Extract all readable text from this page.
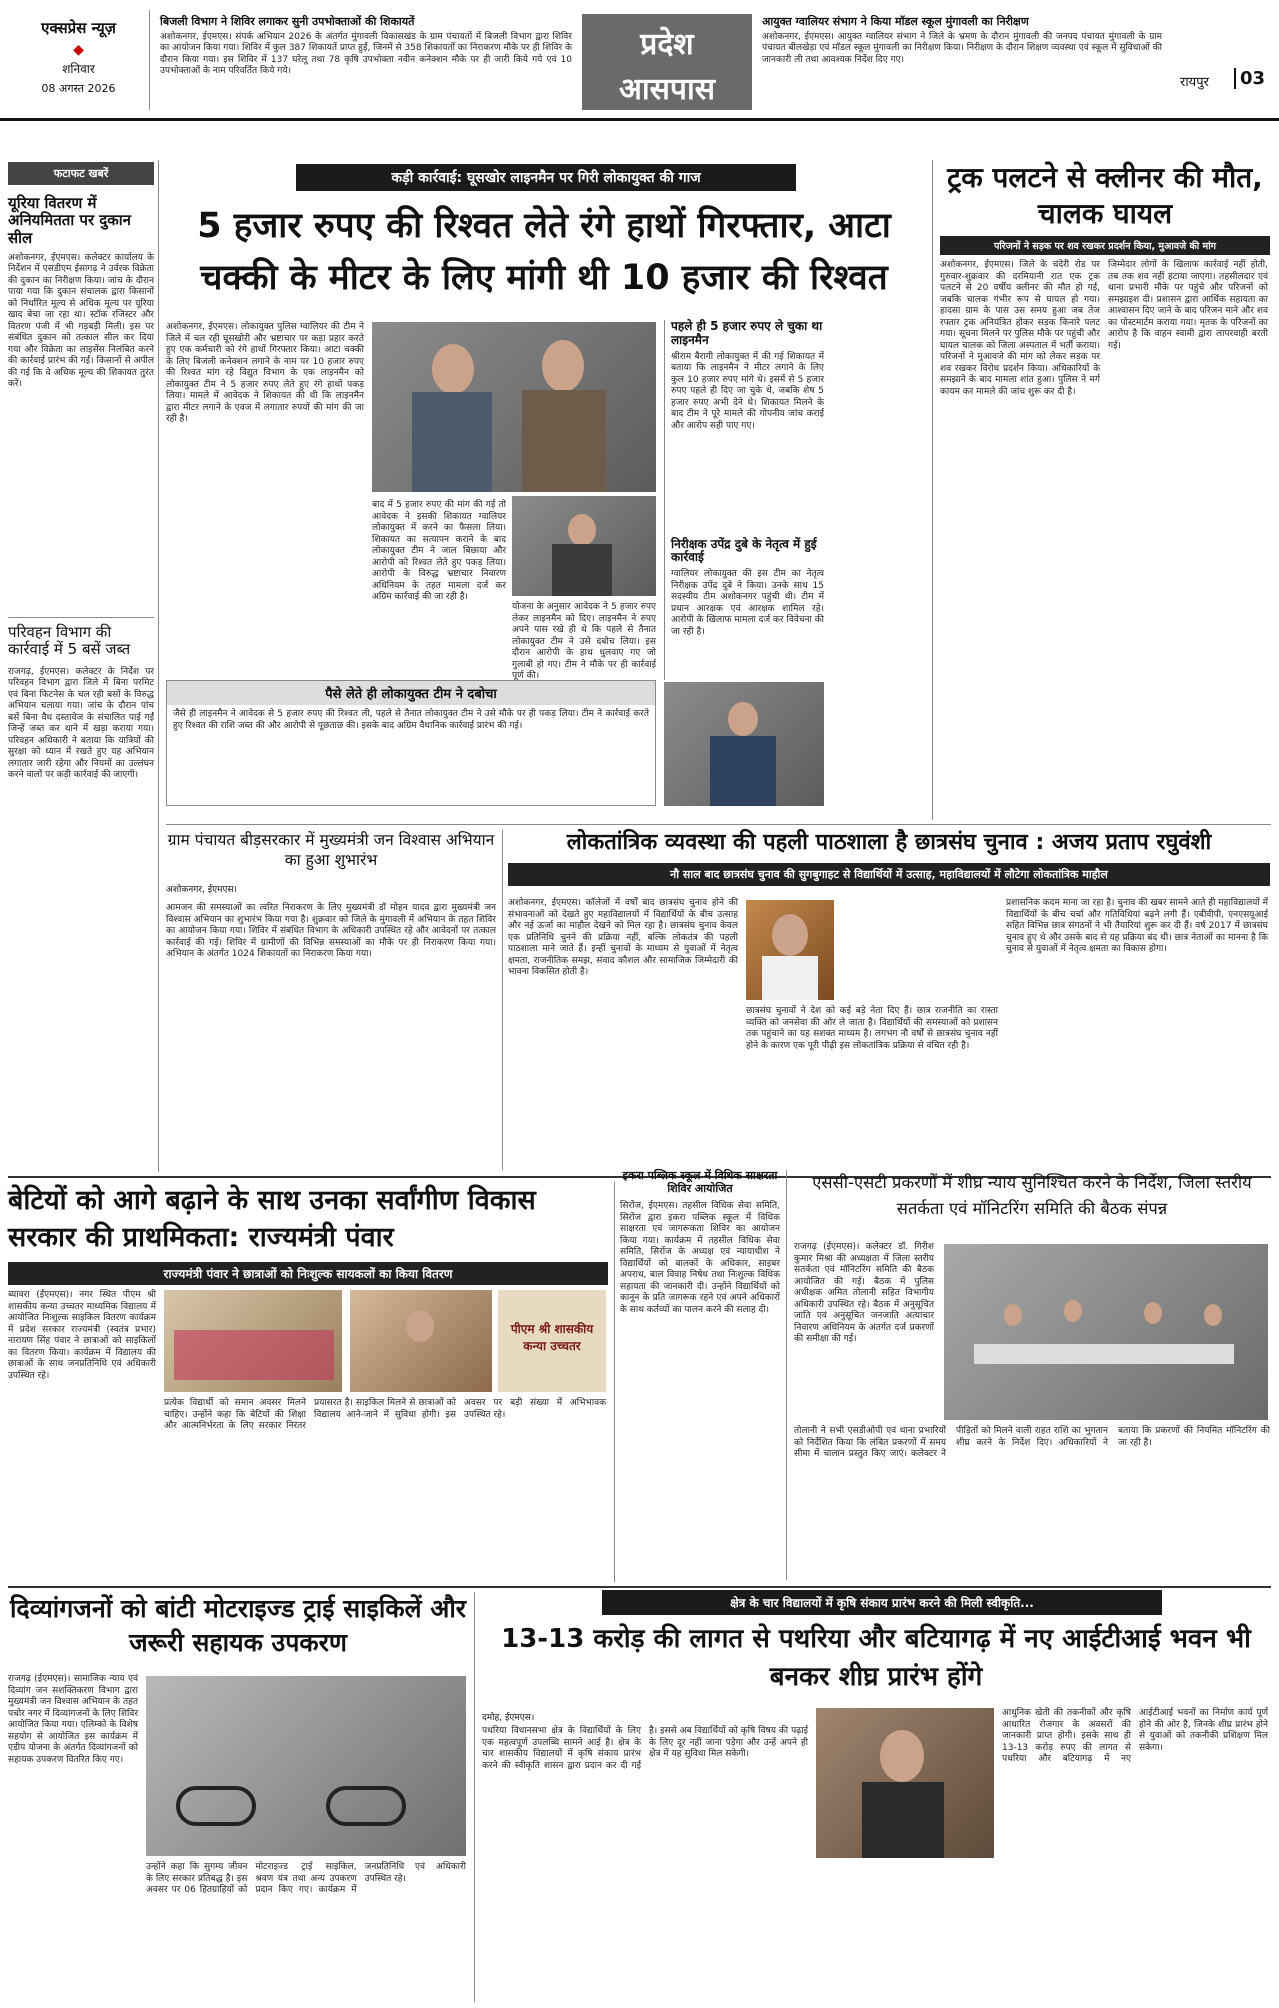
एक्सप्रेस न्यूज़
◆
शनिवार
08 अगस्त 2026
बिजली विभाग ने शिविर लगाकर सुनी उपभोक्ताओं की शिकायतें
अशोकनगर, ईएमएस। संपर्क अभियान 2026 के अंतर्गत मुंगावली विकासखंड के ग्राम पंचायतों में बिजली विभाग द्वारा शिविर का आयोजन किया गया। शिविर में कुल 387 शिकायतें प्राप्त हुईं, जिनमें से 358 शिकायतों का निराकरण मौके पर ही शिविर के दौरान किया गया। इस शिविर में 137 घरेलू तथा 78 कृषि उपभोक्ता नवीन कनेक्शन मौके पर ही जारी किये गये एवं 10 उपभोक्ताओं के नाम परिवर्तित किये गये।
प्रदेश
आसपास
आयुक्त ग्वालियर संभाग ने किया मॉडल स्कूल मुंगावली का निरीक्षण
अशोकनगर, ईएमएस। आयुक्त ग्वालियर संभाग ने जिले के भ्रमण के दौरान मुंगावली की जनपद पंचायत मुंगावली के ग्राम पंचायत बीलखेड़ा एवं मॉडल स्कूल मुंगावली का निरीक्षण किया। निरीक्षण के दौरान शिक्षण व्यवस्था एवं स्कूल में सुविधाओं की जानकारी ली तथा आवश्यक निर्देश दिए गए।
रायपुर	03
फटाफट खबरें
यूरिया वितरण में अनियमितता पर दुकान सील
अशोकनगर, ईएमएस। कलेक्टर कार्यालय के निर्देशन में एसडीएम ईसागढ़ ने उर्वरक विक्रेता की दुकान का निरीक्षण किया। जांच के दौरान पाया गया कि दुकान संचालक द्वारा किसानों को निर्धारित मूल्य से अधिक मूल्य पर यूरिया खाद बेचा जा रहा था। स्टॉक रजिस्टर और वितरण पंजी में भी गड़बड़ी मिली। इस पर संबंधित दुकान को तत्काल सील कर दिया गया और विक्रेता का लाइसेंस निलंबित करने की कार्रवाई प्रारंभ की गई। किसानों से अपील की गई कि वे अधिक मूल्य की शिकायत तुरंत करें।
परिवहन विभाग की कार्रवाई में 5 बसें जब्त
राजगढ़, ईएमएस। कलेक्टर के निर्देश पर परिवहन विभाग द्वारा जिले में बिना परमिट एवं बिना फिटनेस के चल रही बसों के विरुद्ध अभियान चलाया गया। जांच के दौरान पांच बसें बिना वैध दस्तावेज के संचालित पाई गईं जिन्हें जब्त कर थाने में खड़ा कराया गया। परिवहन अधिकारी ने बताया कि यात्रियों की सुरक्षा को ध्यान में रखते हुए यह अभियान लगातार जारी रहेगा और नियमों का उल्लंघन करने वालों पर कड़ी कार्रवाई की जाएगी।
कड़ी कार्रवाई: घूसखोर लाइनमैन पर गिरी लोकायुक्त की गाज
5 हजार रुपए की रिश्वत लेते रंगे हाथों गिरफ्तार, आटा चक्की के मीटर के लिए मांगी थी 10 हजार की रिश्वत
अशोकनगर, ईएमएस। लोकायुक्त पुलिस ग्वालियर की टीम ने जिले में चल रही घूसखोरी और भ्रष्टाचार पर कड़ा प्रहार करते हुए एक कर्मचारी को रंगे हाथों गिरफ्तार किया। आटा चक्की के लिए बिजली कनेक्शन लगाने के नाम पर 10 हजार रुपए की रिश्वत मांग रहे विद्युत विभाग के एक लाइनमैन को लोकायुक्त टीम ने 5 हजार रुपए लेते हुए रंगे हाथों पकड़ लिया। मामले में आवेदक ने शिकायत की थी कि लाइनमैन द्वारा मीटर लगाने के एवज में लगातार रुपयों की मांग की जा रही है।
बाद में 5 हजार रुपए की मांग की गई तो आवेदक ने इसकी शिकायत ग्वालियर लोकायुक्त में करने का फैसला लिया। शिकायत का सत्यापन कराने के बाद लोकायुक्त टीम ने जाल बिछाया और आरोपी को रिश्वत लेते हुए पकड़ लिया। आरोपी के विरुद्ध भ्रष्टाचार निवारण अधिनियम के तहत मामला दर्ज कर अग्रिम कार्रवाई की जा रही है।
योजना के अनुसार आवेदक ने 5 हजार रुपए लेकर लाइनमैन को दिए। लाइनमैन ने रुपए अपने पास रखे ही थे कि पहले से तैनात लोकायुक्त टीम ने उसे दबोच लिया। इस दौरान आरोपी के हाथ धुलवाए गए जो गुलाबी हो गए। टीम ने मौके पर ही कार्रवाई पूर्ण की।
पहले ही 5 हजार रुपए ले चुका था लाइनमैन
श्रीराम बैरागी लोकायुक्त में की गई शिकायत में बताया कि लाइनमैन ने मीटर लगाने के लिए कुल 10 हजार रुपए मांगे थे। इसमें से 5 हजार रुपए पहले ही दिए जा चुके थे, जबकि शेष 5 हजार रुपए अभी देने थे। शिकायत मिलने के बाद टीम ने पूरे मामले की गोपनीय जांच कराई और आरोप सही पाए गए।
निरीक्षक उपेंद्र दुबे के नेतृत्व में हुई कार्रवाई
ग्वालियर लोकायुक्त की इस टीम का नेतृत्व निरीक्षक उपेंद्र दुबे ने किया। उनके साथ 15 सदस्यीय टीम अशोकनगर पहुंची थी। टीम में प्रधान आरक्षक एवं आरक्षक शामिल रहे। आरोपी के खिलाफ मामला दर्ज कर विवेचना की जा रही है।
पैसे लेते ही लोकायुक्त टीम ने दबोचा
जैसे ही लाइनमैन ने आवेदक से 5 हजार रुपए की रिश्वत ली, पहले से तैनात लोकायुक्त टीम ने उसे मौके पर ही पकड़ लिया। टीम ने कार्रवाई करते हुए रिश्वत की राशि जब्त की और आरोपी से पूछताछ की। इसके बाद अग्रिम वैधानिक कार्रवाई प्रारंभ की गई।
ट्रक पलटने से क्लीनर की मौत, चालक घायल
परिजनों ने सड़क पर शव रखकर प्रदर्शन किया, मुआवजे की मांग
अशोकनगर, ईएमएस। जिले के चंदेरी रोड पर गुरुवार-शुक्रवार की दरमियानी रात एक ट्रक पलटने से 20 वर्षीय क्लीनर की मौत हो गई, जबकि चालक गंभीर रूप से घायल हो गया। हादसा ग्राम के पास उस समय हुआ जब तेज रफ्तार ट्रक अनियंत्रित होकर सड़क किनारे पलट गया। सूचना मिलने पर पुलिस मौके पर पहुंची और घायल चालक को जिला अस्पताल में भर्ती कराया। परिजनों ने मुआवजे की मांग को लेकर सड़क पर शव रखकर विरोध प्रदर्शन किया। अधिकारियों के समझाने के बाद मामला शांत हुआ। पुलिस ने मर्ग कायम कर मामले की जांच शुरू कर दी है।
जिम्मेदार लोगों के खिलाफ कार्रवाई नहीं होती, तब तक शव नहीं हटाया जाएगा। तहसीलदार एवं थाना प्रभारी मौके पर पहुंचे और परिजनों को समझाइश दी। प्रशासन द्वारा आर्थिक सहायता का आश्वासन दिए जाने के बाद परिजन माने और शव का पोस्टमार्टम कराया गया। मृतक के परिजनों का आरोप है कि वाहन स्वामी द्वारा लापरवाही बरती गई।
ग्राम पंचायत बीड़सरकार में मुख्यमंत्री जन विश्वास अभियान का हुआ शुभारंभ
अशोकनगर, ईएमएस।
आमजन की समस्याओं का त्वरित निराकरण के लिए मुख्यमंत्री डॉ मोहन यादव द्वारा मुख्यमंत्री जन विश्वास अभियान का शुभारंभ किया गया है। शुक्रवार को जिले के मुंगावली में अभियान के तहत शिविर का आयोजन किया गया। शिविर में संबंधित विभाग के अधिकारी उपस्थित रहे और आवेदनों पर तत्काल कार्रवाई की गई। शिविर में ग्रामीणों की विभिन्न समस्याओं का मौके पर ही निराकरण किया गया। अभियान के अंतर्गत 1024 शिकायतों का निराकरण किया गया।
लोकतांत्रिक व्यवस्था की पहली पाठशाला है छात्रसंघ चुनाव : अजय प्रताप रघुवंशी
नौ साल बाद छात्रसंघ चुनाव की सुगबुगाहट से विद्यार्थियों में उत्साह, महाविद्यालयों में लौटेगा लोकतांत्रिक माहौल
अशोकनगर, ईएमएस। कॉलेजों में वर्षों बाद छात्रसंघ चुनाव होने की संभावनाओं को देखते हुए महाविद्यालयों में विद्यार्थियों के बीच उत्साह और नई ऊर्जा का माहौल देखने को मिल रहा है। छात्रसंघ चुनाव केवल एक प्रतिनिधि चुनने की प्रक्रिया नहीं, बल्कि लोकतंत्र की पहली पाठशाला माने जाते हैं। इन्हीं चुनावों के माध्यम से युवाओं में नेतृत्व क्षमता, राजनीतिक समझ, संवाद कौशल और सामाजिक जिम्मेदारी की भावना विकसित होती है।
छात्रसंघ चुनावों ने देश को कई बड़े नेता दिए हैं। छात्र राजनीति का रास्ता व्यक्ति को जनसेवा की ओर ले जाता है। विद्यार्थियों की समस्याओं को प्रशासन तक पहुंचाने का यह सशक्त माध्यम है। लगभग नौ वर्षों से छात्रसंघ चुनाव नहीं होने के कारण एक पूरी पीढ़ी इस लोकतांत्रिक प्रक्रिया से वंचित रही है।
प्रशासनिक कदम माना जा रहा है। चुनाव की खबर सामने आते ही महाविद्यालयों में विद्यार्थियों के बीच चर्चा और गतिविधियां बढ़ने लगी हैं। एबीवीपी, एनएसयूआई सहित विभिन्न छात्र संगठनों ने भी तैयारियां शुरू कर दी हैं। वर्ष 2017 में छात्रसंघ चुनाव हुए थे और उसके बाद से यह प्रक्रिया बंद थी। छात्र नेताओं का मानना है कि चुनाव से युवाओं में नेतृत्व क्षमता का विकास होगा।
बेटियों को आगे बढ़ाने के साथ उनका सर्वांगीण विकास सरकार की प्राथमिकता: राज्यमंत्री पंवार
राज्यमंत्री पंवार ने छात्राओं को निःशुल्क सायकलों का किया वितरण
ब्यावरा (ईएमएस)। नगर स्थित पीएम श्री शासकीय कन्या उच्चतर माध्यमिक विद्यालय में आयोजित निःशुल्क साइकिल वितरण कार्यक्रम में प्रदेश सरकार राज्यमंत्री (स्वतंत्र प्रभार) नारायण सिंह पंवार ने छात्राओं को साइकिलों का वितरण किया। कार्यक्रम में विद्यालय की छात्राओं के साथ जनप्रतिनिधि एवं अधिकारी उपस्थित रहे।
पीएम श्री शासकीय कन्या उच्चतर
प्रत्येक विद्यार्थी को समान अवसर मिलने चाहिए। उन्होंने कहा कि बेटियों की शिक्षा और आत्मनिर्भरता के लिए सरकार निरंतर प्रयासरत है। साइकिल मिलने से छात्राओं को विद्यालय आने-जाने में सुविधा होगी। इस अवसर पर बड़ी संख्या में अभिभावक उपस्थित रहे।
इकरा पब्लिक स्कूल में विधिक साक्षरता शिविर आयोजित
सिरोंज, ईएमएस। तहसील विधिक सेवा समिति, सिरोंज द्वारा इकरा पब्लिक स्कूल में विधिक साक्षरता एवं जागरूकता शिविर का आयोजन किया गया। कार्यक्रम में तहसील विधिक सेवा समिति, सिरोंज के अध्यक्ष एवं न्यायाधीश ने विद्यार्थियों को बालकों के अधिकार, साइबर अपराध, बाल विवाह निषेध तथा निःशुल्क विधिक सहायता की जानकारी दी। उन्होंने विद्यार्थियों को कानून के प्रति जागरूक रहने एवं अपने अधिकारों के साथ कर्तव्यों का पालन करने की सलाह दी।
एससी-एसटी प्रकरणों में शीघ्र न्याय सुनिश्चित करने के निर्देश, जिला स्तरीय सतर्कता एवं मॉनिटरिंग समिति की बैठक संपन्न
राजगढ़ (ईएमएस)। कलेक्टर डॉ. गिरीश कुमार मिश्रा की अध्यक्षता में जिला स्तरीय सतर्कता एवं मॉनिटरिंग समिति की बैठक आयोजित की गई। बैठक में पुलिस अधीक्षक अमित तोलानी सहित विभागीय अधिकारी उपस्थित रहे। बैठक में अनुसूचित जाति एवं अनुसूचित जनजाति अत्याचार निवारण अधिनियम के अंतर्गत दर्ज प्रकरणों की समीक्षा की गई।
तोलानी ने सभी एसडीओपी एवं थाना प्रभारियों को निर्देशित किया कि लंबित प्रकरणों में समय सीमा में चालान प्रस्तुत किए जाएं। कलेक्टर ने पीड़ितों को मिलने वाली राहत राशि का भुगतान शीघ्र करने के निर्देश दिए। अधिकारियों ने बताया कि प्रकरणों की नियमित मॉनिटरिंग की जा रही है।
दिव्यांगजनों को बांटी मोटराइज्ड ट्राई साइकिलें और जरूरी सहायक उपकरण
राजगढ़ (ईएमएस)। सामाजिक न्याय एवं दिव्यांग जन सशक्तिकरण विभाग द्वारा मुख्यमंत्री जन विश्वास अभियान के तहत पचोर नगर में दिव्यांगजनों के लिए शिविर आयोजित किया गया। एलिम्को के विशेष सहयोग से आयोजित इस कार्यक्रम में एडीप योजना के अंतर्गत दिव्यांगजनों को सहायक उपकरण वितरित किए गए।
उन्होंने कहा कि सुगम्य जीवन के लिए सरकार प्रतिबद्ध है। इस अवसर पर 06 हितग्राहियों को मोटराइज्ड ट्राई साइकिल, श्रवण यंत्र तथा अन्य उपकरण प्रदान किए गए। कार्यक्रम में जनप्रतिनिधि एवं अधिकारी उपस्थित रहे।
क्षेत्र के चार विद्यालयों में कृषि संकाय प्रारंभ करने की मिली स्वीकृति...
13-13 करोड़ की लागत से पथरिया और बटियागढ़ में नए आईटीआई भवन भी बनकर शीघ्र प्रारंभ होंगे
दमोह, ईएमएस।
पथरिया विधानसभा क्षेत्र के विद्यार्थियों के लिए एक महत्वपूर्ण उपलब्धि सामने आई है। क्षेत्र के चार शासकीय विद्यालयों में कृषि संकाय प्रारंभ करने की स्वीकृति शासन द्वारा प्रदान कर दी गई है। इससे अब विद्यार्थियों को कृषि विषय की पढ़ाई के लिए दूर नहीं जाना पड़ेगा और उन्हें अपने ही क्षेत्र में यह सुविधा मिल सकेगी।
आधुनिक खेती की तकनीकों और कृषि आधारित रोजगार के अवसरों की जानकारी प्राप्त होगी। इसके साथ ही 13-13 करोड़ रुपए की लागत से पथरिया और बटियागढ़ में नए आईटीआई भवनों का निर्माण कार्य पूर्ण होने की ओर है, जिनके शीघ्र प्रारंभ होने से युवाओं को तकनीकी प्रशिक्षण मिल सकेगा।
